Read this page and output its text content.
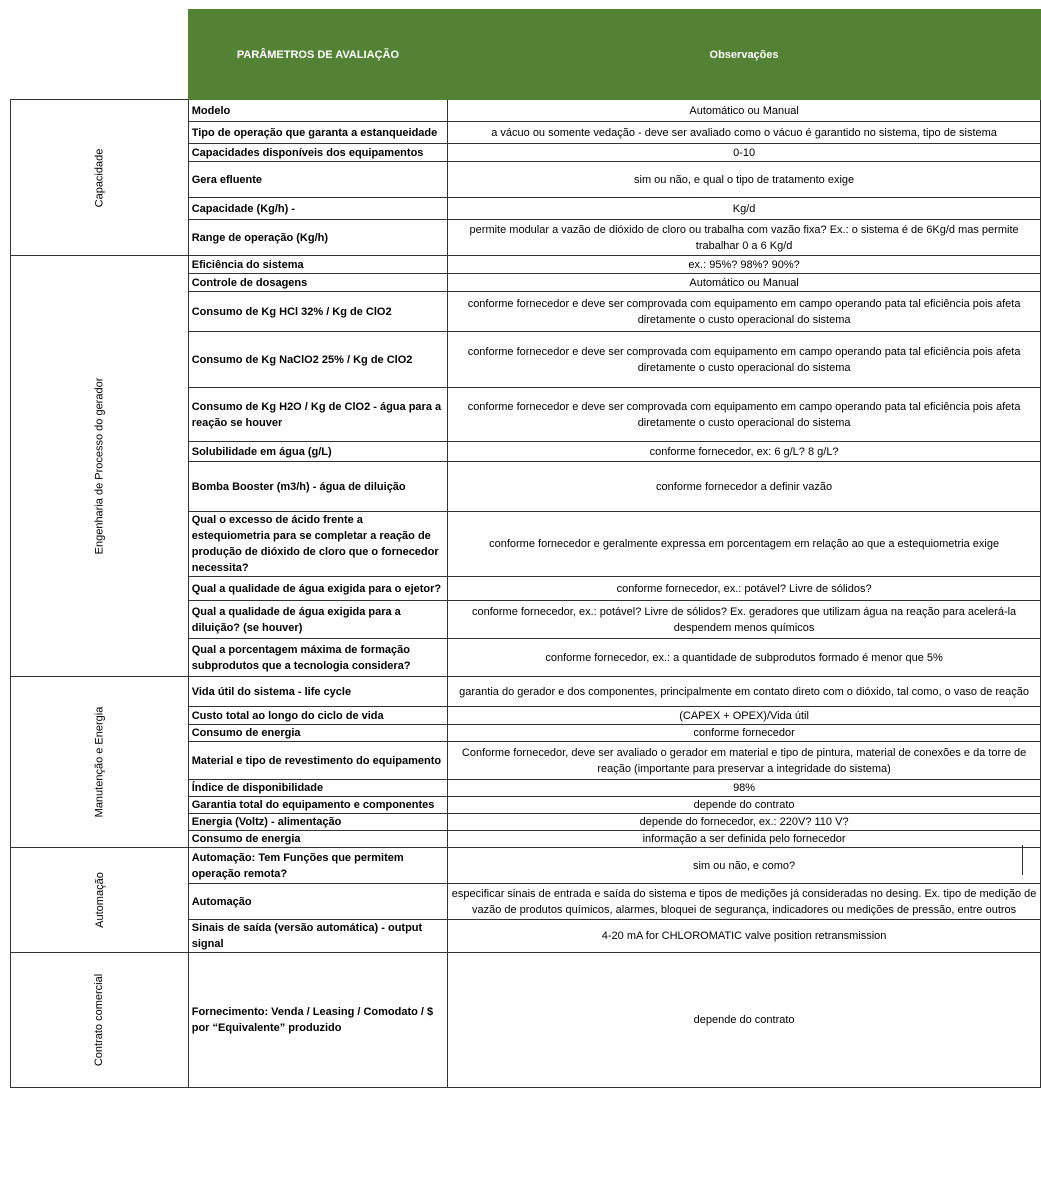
	PARÂMETROS DE AVALIAÇÃO	Observações
Capacidade	Modelo	Automático ou Manual
	Tipo de operação que garanta a estanqueidade	a vácuo ou somente vedação - deve ser avaliado como o vácuo é garantido no sistema, tipo de sistema
	Capacidades disponíveis dos equipamentos	0-10
	Gera efluente	sim ou não, e qual o tipo de tratamento exige
	Capacidade (Kg/h) -	Kg/d
	Range de operação (Kg/h)	permite modular a vazão de dióxido de cloro ou trabalha com vazão fixa? Ex.: o sistema é de 6Kg/d mas permite trabalhar 0 a 6 Kg/d
Engenharia de Processo do gerador	Eficiência do sistema	ex.: 95%? 98%? 90%?
	Controle de dosagens	Automático ou Manual
	Consumo de Kg HCl 32% / Kg de ClO2	conforme fornecedor e deve ser comprovada com equipamento em campo operando pata tal eficiência pois afeta diretamente o custo operacional do sistema
	Consumo de Kg NaClO2 25% / Kg de ClO2	conforme fornecedor e deve ser comprovada com equipamento em campo operando pata tal eficiência pois afeta diretamente o custo operacional do sistema
	Consumo de Kg H2O / Kg de ClO2 - água para a reação se houver	conforme fornecedor e deve ser comprovada com equipamento em campo operando pata tal eficiência pois afeta diretamente o custo operacional do sistema
	Solubilidade em água (g/L)	conforme fornecedor, ex: 6 g/L? 8 g/L?
	Bomba Booster (m3/h) - água de diluição	conforme fornecedor a definir vazão
	Qual o excesso de ácido frente a estequiometria para se completar a reação de produção de dióxido de cloro que o fornecedor necessita?	conforme fornecedor e geralmente expressa em porcentagem em relação ao que a estequiometria exige
	Qual a qualidade de água exigida para o ejetor?	conforme fornecedor, ex.: potável? Livre de sólidos?
	Qual a qualidade de água exigida para a diluição? (se houver)	conforme fornecedor, ex.: potável? Livre de sólidos? Ex. geradores que utilizam água na reação para acelerá-la despendem menos químicos
	Qual a porcentagem máxima de formação subprodutos que a tecnologia considera?	conforme fornecedor, ex.: a quantidade de subprodutos formado é menor que 5%
Manutenção e Energia	Vida útil do sistema - life cycle	garantia do gerador e dos componentes, principalmente em contato direto com o dióxido, tal como, o vaso de reação
	Custo total ao longo do ciclo de vida	(CAPEX + OPEX)/Vida útil
	Consumo de energia	conforme fornecedor
	Material e tipo de revestimento do equipamento	Conforme fornecedor, deve ser avaliado o gerador em material e tipo de pintura, material de conexões e da torre de reação (importante para preservar a integridade do sistema)
	Índice de disponibilidade	98%
	Garantia total do equipamento e componentes	depende do contrato
	Energia (Voltz) - alimentação	depende do fornecedor, ex.: 220V? 110 V?
	Consumo de energia	informação a ser definida pelo fornecedor
Automação	Automação: Tem Funções que permitem operação remota?	sim ou não, e como?
	Automação	especificar sinais de entrada e saída do sistema e tipos de medições já consideradas no desing. Ex. tipo de medição de vazão de produtos químicos, alarmes, bloquei de segurança, indicadores ou medições de pressão, entre outros
	Sinais de saída (versão automática) - output signal	4-20 mA for CHLOROMATIC valve position retransmission
Contrato comercial	Fornecimento: Venda / Leasing / Comodato / $ por “Equivalente” produzido	depende do contrato
